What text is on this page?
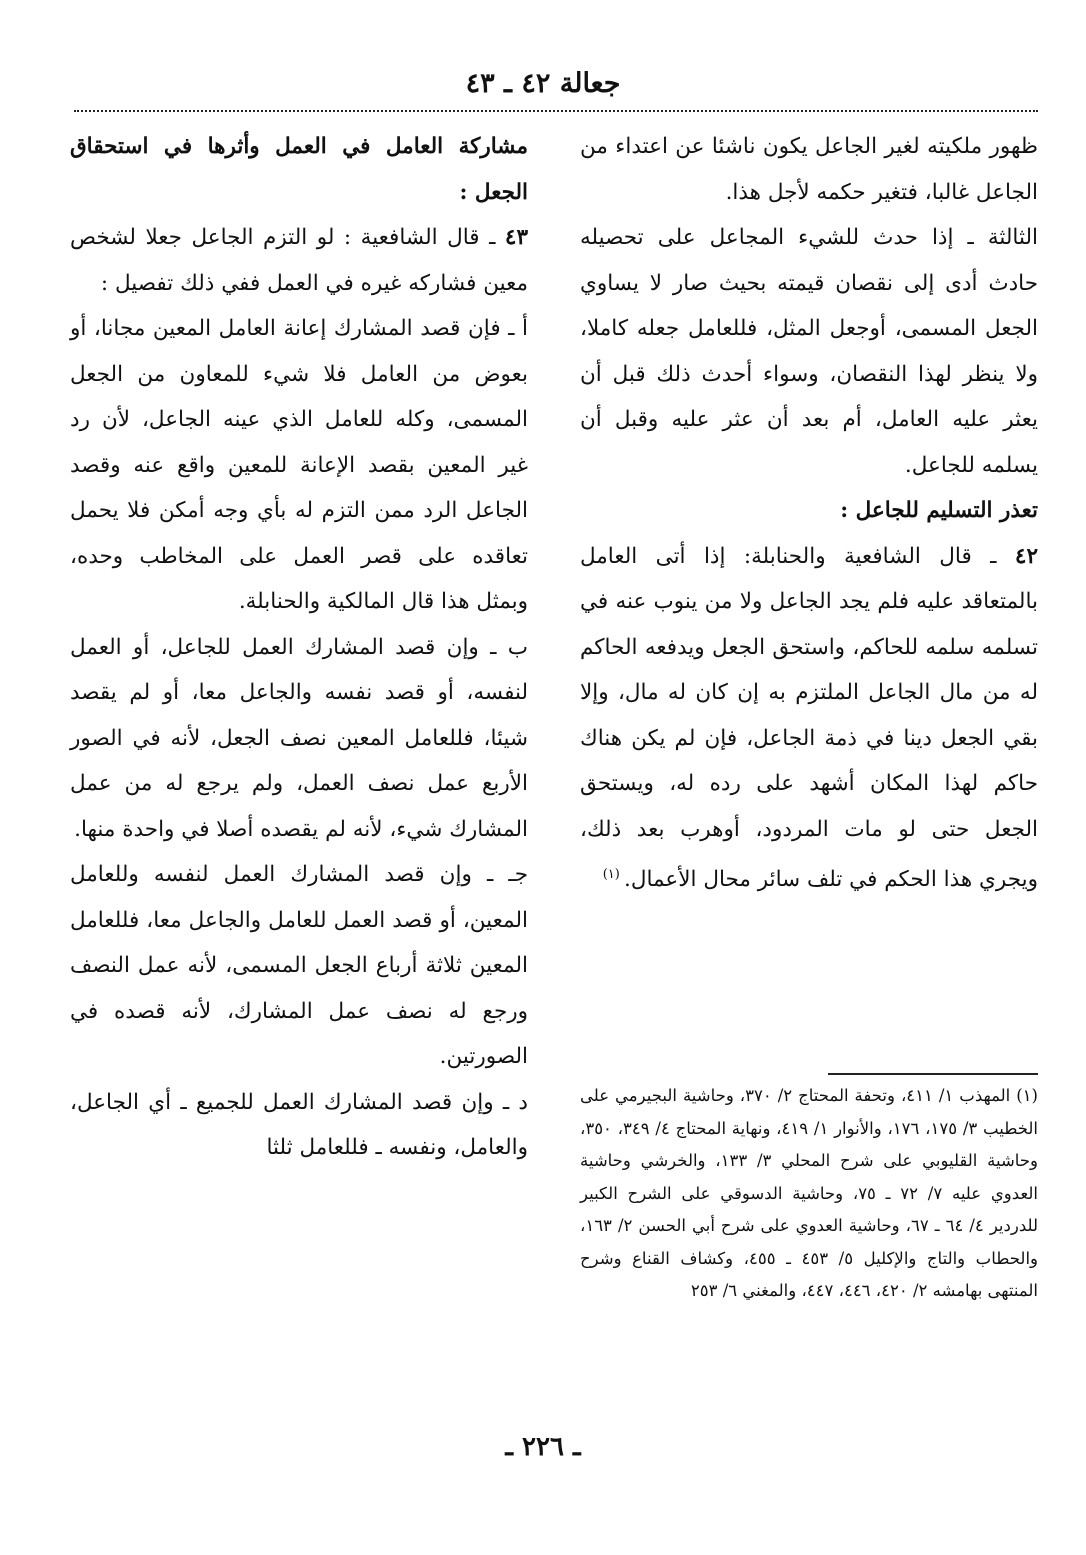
جعالة ٤٢ ـ ٤٣

ظهور ملكيته لغير الجاعل يكون ناشئا عن اعتداء من الجاعل غالبا، فتغير حكمه لأجل هذا.

الثالثة ـ إذا حدث للشيء المجاعل على تحصيله حادث أدى إلى نقصان قيمته بحيث صار لا يساوي الجعل المسمى، أوجعل المثل، فللعامل جعله كاملا، ولا ينظر لهذا النقصان، وسواء أحدث ذلك قبل أن يعثر عليه العامل، أم بعد أن عثر عليه وقبل أن يسلمه للجاعل.

تعذر التسليم للجاعل :

٤٢ ـ قال الشافعية والحنابلة: إذا أتى العامل بالمتعاقد عليه فلم يجد الجاعل ولا من ينوب عنه في تسلمه سلمه للحاكم، واستحق الجعل ويدفعه الحاكم له من مال الجاعل الملتزم به إن كان له مال، وإلا بقي الجعل دينا في ذمة الجاعل، فإن لم يكن هناك حاكم لهذا المكان أشهد على رده له، ويستحق الجعل حتى لو مات المردود، أوهرب بعد ذلك، ويجري هذا الحكم في تلف سائر محال الأعمال. $^{(١)}$

(١) المهذب ١/ ٤١١، وتحفة المحتاج ٢/ ٣٧٠، وحاشية البجيرمي على الخطيب ٣/ ١٧٥، ١٧٦، والأنوار ١/ ٤١٩، ونهاية المحتاج ٤/ ٣٤٩، ٣٥٠، وحاشية القليوبي على شرح المحلي ٣/ ١٣٣، والخرشي وحاشية العدوي عليه ٧/ ٧٢ ـ ٧٥، وحاشية الدسوقي على الشرح الكبير للدردير ٤/ ٦٤ ـ ٦٧، وحاشية العدوي على شرح أبي الحسن ٢/ ١٦٣، والحطاب والتاج والإكليل ٥/ ٤٥٣ ـ ٤٥٥، وكشاف القناع وشرح المنتهى بهامشه ٢/ ٤٢٠، ٤٤٦، ٤٤٧، والمغني ٦/ ٢٥٣

مشاركة العامل في العمل وأثرها في استحقاق الجعل :

٤٣ ـ قال الشافعية : لو التزم الجاعل جعلا لشخص معين فشاركه غيره في العمل ففي ذلك تفصيل :

أ ـ فإن قصد المشارك إعانة العامل المعين مجانا، أو بعوض من العامل فلا شيء للمعاون من الجعل المسمى، وكله للعامل الذي عينه الجاعل، لأن رد غير المعين بقصد الإعانة للمعين واقع عنه وقصد الجاعل الرد ممن التزم له بأي وجه أمكن فلا يحمل تعاقده على قصر العمل على المخاطب وحده، وبمثل هذا قال المالكية والحنابلة.

ب ـ وإن قصد المشارك العمل للجاعل، أو العمل لنفسه، أو قصد نفسه والجاعل معا، أو لم يقصد شيئا، فللعامل المعين نصف الجعل، لأنه في الصور الأربع عمل نصف العمل، ولم يرجع له من عمل المشارك شيء، لأنه لم يقصده أصلا في واحدة منها.

جـ ـ وإن قصد المشارك العمل لنفسه وللعامل المعين، أو قصد العمل للعامل والجاعل معا، فللعامل المعين ثلاثة أرباع الجعل المسمى، لأنه عمل النصف ورجع له نصف عمل المشارك، لأنه قصده في الصورتين.

د ـ وإن قصد المشارك العمل للجميع ـ أي الجاعل، والعامل، ونفسه ـ فللعامل ثلثا

ـ ٢٢٦ ـ
